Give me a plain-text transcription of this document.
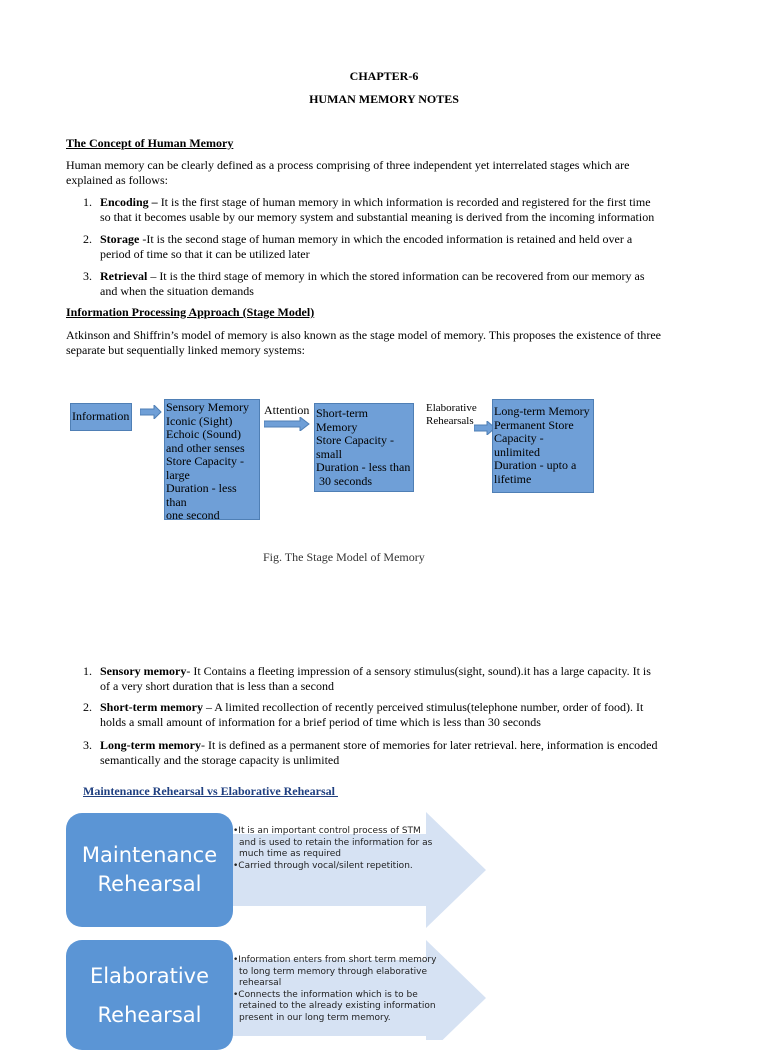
CHAPTER-6
HUMAN MEMORY NOTES
The Concept of Human Memory
Human memory can be clearly defined as a process comprising of three independent yet interrelated stages which are explained as follows:
1. Encoding – It is the first stage of human memory in which information is recorded and registered for the first time so that it becomes usable by our memory system and substantial meaning is derived from the incoming information
2. Storage -It is the second stage of human memory in which the encoded information is retained and held over a period of time so that it can be utilized later
3. Retrieval – It is the third stage of memory in which the stored information can be recovered from our memory as and when the situation demands
Information Processing Approach (Stage Model)
Atkinson and Shiffrin’s model of memory is also known as the stage model of memory. This proposes the existence of three separate but sequentially linked memory systems:
Information
Sensory Memory
Iconic (Sight)
Echoic (Sound)
and other senses
Store Capacity -
large
Duration - less than
one second
Attention Short-term Memory
Store Capacity -
small
Duration - less than
30 seconds
Elaborative
Rehearsals
Long-term Memory
Permanent Store
Capacity - unlimited
Duration - upto a
lifetime
Fig. The Stage Model of Memory
1. Sensory memory- It Contains a fleeting impression of a sensory stimulus(sight, sound).it has a large capacity. It is of a very short duration that is less than a second
2. Short-term memory – A limited recollection of recently perceived stimulus(telephone number, order of food). It holds a small amount of information for a brief period of time which is less than 30 seconds
3. Long-term memory- It is defined as a permanent store of memories for later retrieval. here, information is encoded semantically and the storage capacity is unlimited
Maintenance Rehearsal vs Elaborative Rehearsal
Maintenance
Rehearsal
•It is an important control process of STM and is used to retain the information for as much time as required
•Carried through vocal/silent repetition.
Elaborative
Rehearsal
•Information enters from short term memory to long term memory through elaborative rehearsal
•Connects the information which is to be retained to the already existing information present in our long term memory.
